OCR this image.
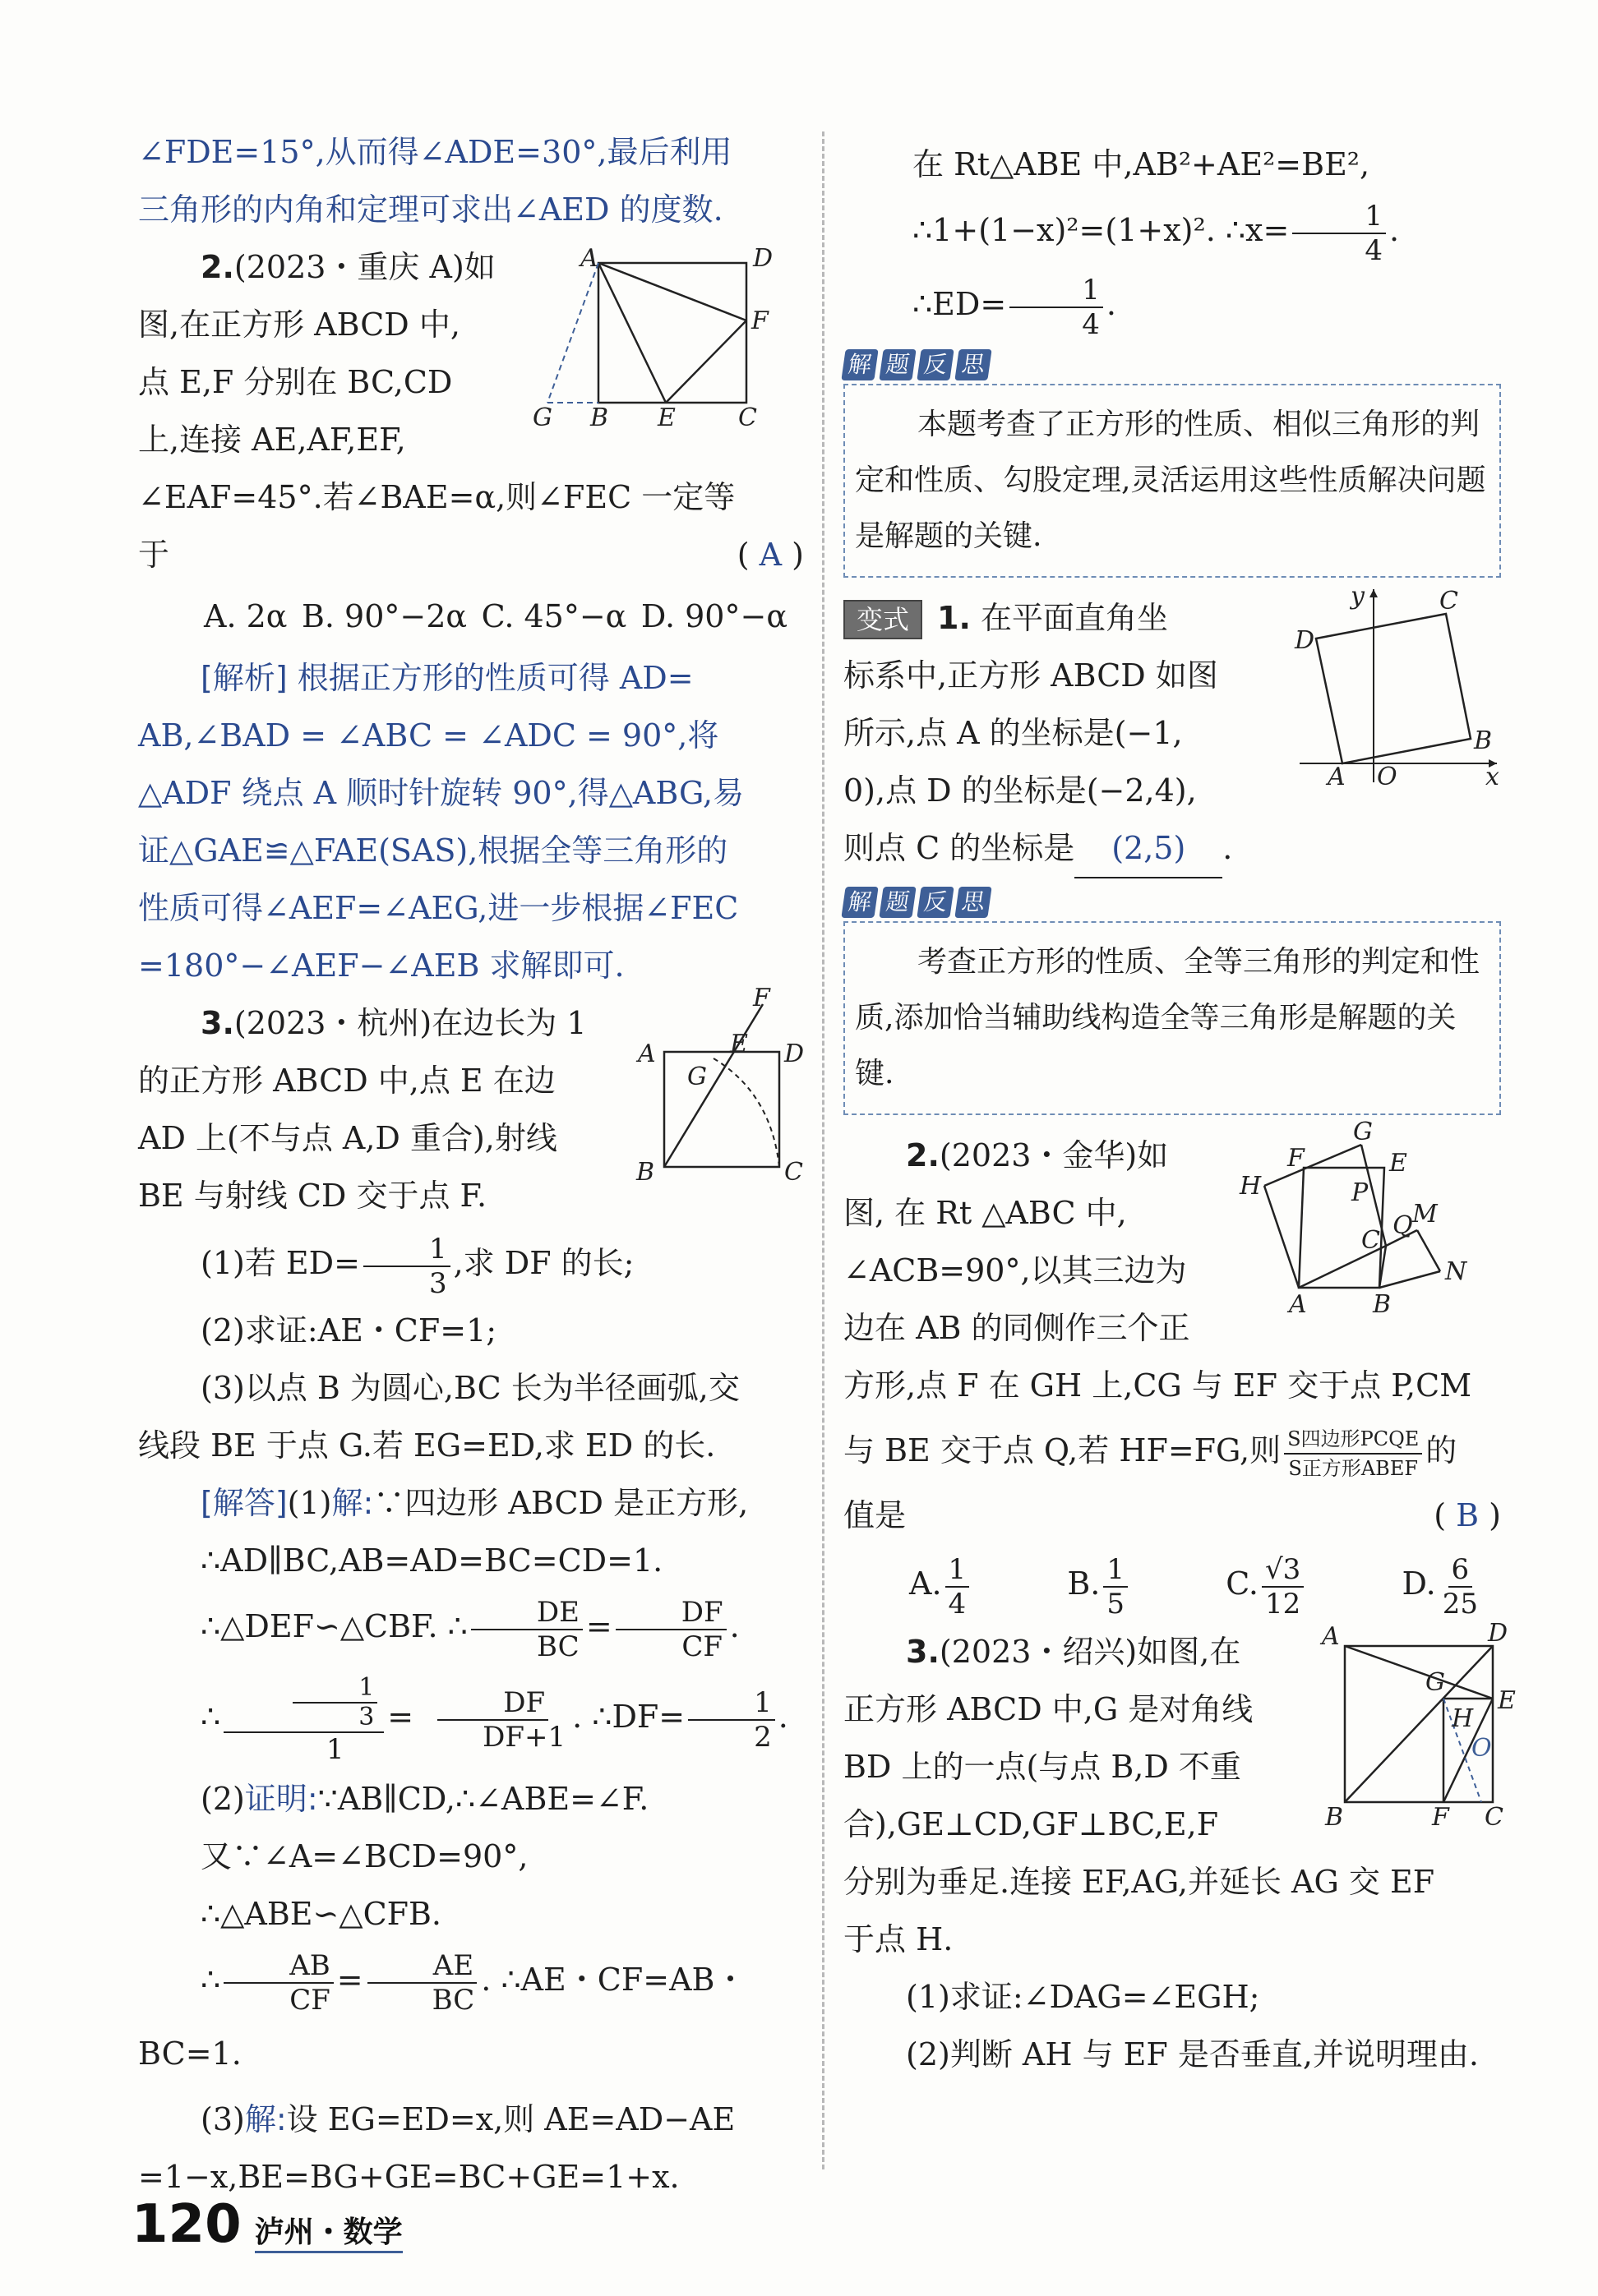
∠FDE=15°,从而得∠ADE=30°,最后利用
三角形的内角和定理可求出∠AED 的度数.

2.(2023・重庆 A)如

图,在正方形 ABCD 中,

点 E,F 分别在 BC,CD

上,连接 AE,AF,EF,

∠EAF=45°.若∠BAE=α,则∠FEC 一定等

于	( A )

A. 2α B. 90°−2α C. 45°−α D. 90°−α
A	D
F
G B E	C

[解析] 根据正方形的性质可得 AD=

AB,∠BAD = ∠ABC = ∠ADC = 90°,将

△ADF 绕点 A 顺时针旋转 90°,得△ABG,易

证△GAE≌△FAE(SAS),根据全等三角形的

性质可得∠AEF=∠AEG,进一步根据∠FEC

=180°−∠AEF−∠AEB 求解即可.

3.(2023・杭州)在边长为 1

的正方形 ABCD 中,点 E 在边

AD 上(不与点 A,D 重合),射线

BE 与射线 CD 交于点 F.

(1)若 $ED= \frac{1}{3}$ ,求 DF 的长;

(2)求证:AE・CF=1;

(3)以点 B 为圆心,BC 长为半径画弧,交

线段 BE 于点 G.若 EG=ED,求 ED 的长.

F
A	E D
G
B	C

[解答](1)解:∵四边形 ABCD 是正方形,

∴AD∥BC,AB=AD=BC=CD=1.

∴△DEF∽△CBF. ∴ $\frac{DE}{BC} = \frac{DF}{CF}$ .

∴ $\frac{\frac{1}{3}}{1} = \frac{DF}{DF+1}$ . ∴DF= $\frac{1}{2}$ .

(2)证明:∵AB∥CD,∴∠ABE=∠F.

又∵∠A=∠BCD=90°,

∴△ABE∽△CFB.

∴ $\frac{AB}{CF} = \frac{AE}{BC}$ . ∴AE・CF=AB・BC=1.

(3)解:设 EG=ED=x,则 AE=AD−AE

=1−x,BE=BG+GE=BC+GE=1+x.

在 Rt△ABE 中,AB²+AE²=BE²,

∴1+(1−x)²=(1+x)². ∴x= $\frac{1}{4}$ .

∴ED= $\frac{1}{4}$ .

解 题 反 思
本题考查了正方形的性质、相似三角形的判定和性质、勾股定理,灵活运用这些性质解决问题是解题的关键.

变式 1. 在平面直角坐

标系中,正方形 ABCD 如图

所示,点 A 的坐标是(−1,

0),点 D 的坐标是(−2,4),

则点 C 的坐标是 (2,5) .

y	C
D
B
A O	x
解 题 反 思
考查正方形的性质、全等三角形的判定和性质,添加恰当辅助线构造全等三角形是解题的关键.

2.(2023・金华)如

图, 在 Rt △ABC 中,

∠ACB=90°,以其三边为

边在 AB 的同侧作三个正

方形,点 F 在 GH 上,CG 与 EF 交于点 P,CM

与 BE 交于点 Q,若 HF=FG,则 $\frac{\text{S四边形PCQE}}{\text{S正方形ABEF}}$ 的

值是	( B )

A. $\frac{1}{4}$	B. $\frac{1}{5}$	C. $\frac{√3}{12}$	D. $\frac{6}{25}$
G
F	E
H	P
M
Q
C
N
A	B

3.(2023・绍兴)如图,在

正方形 ABCD 中,G 是对角线

BD 上的一点(与点 B,D 不重

合),GE⊥CD,GF⊥BC,E,F

分别为垂足.连接 EF,AG,并延长 AG 交 EF

于点 H.

(1)求证:∠DAG=∠EGH;

(2)判断 AH 与 EF 是否垂直,并说明理由.

A	D
G
E
H
O
B	F C
120 泸州・数学
